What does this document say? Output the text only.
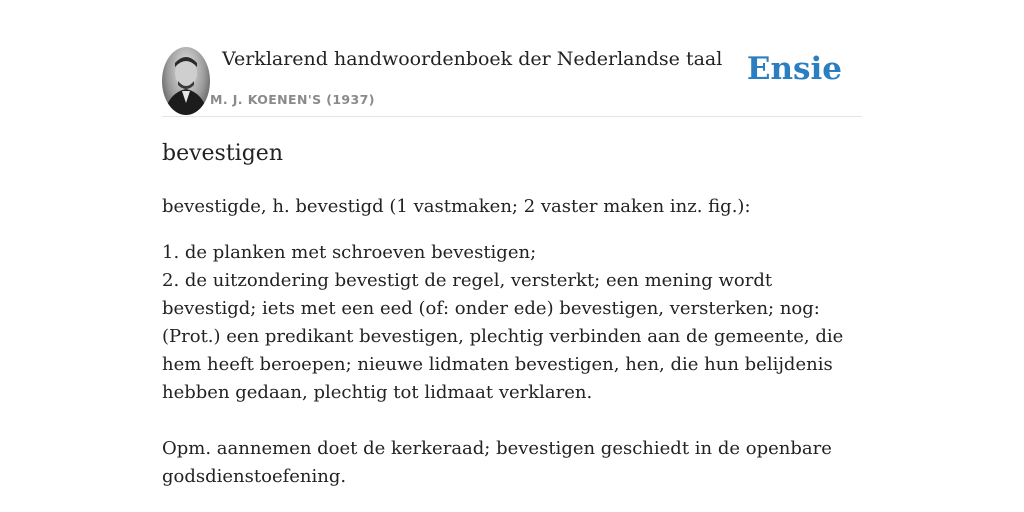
Verklarend handwoordenboek der Nederlandse taal
M. J. KOENEN'S (1937)
Ensie
bevestigen
bevestigde, h. bevestigd (1 vastmaken; 2 vaster maken inz. fig.):

1. de planken met schroeven bevestigen;

2. de uitzondering bevestigt de regel, versterkt; een mening wordt bevestigd; iets met een eed (of: onder ede) bevestigen, versterken; nog: (Prot.) een predikant bevestigen, plechtig verbinden aan de gemeente, die hem heeft beroepen; nieuwe lidmaten bevestigen, hen, die hun belijdenis hebben gedaan, plechtig tot lidmaat verklaren.

Opm. aannemen doet de kerkeraad; bevestigen geschiedt in de openbare godsdienstoefening.
